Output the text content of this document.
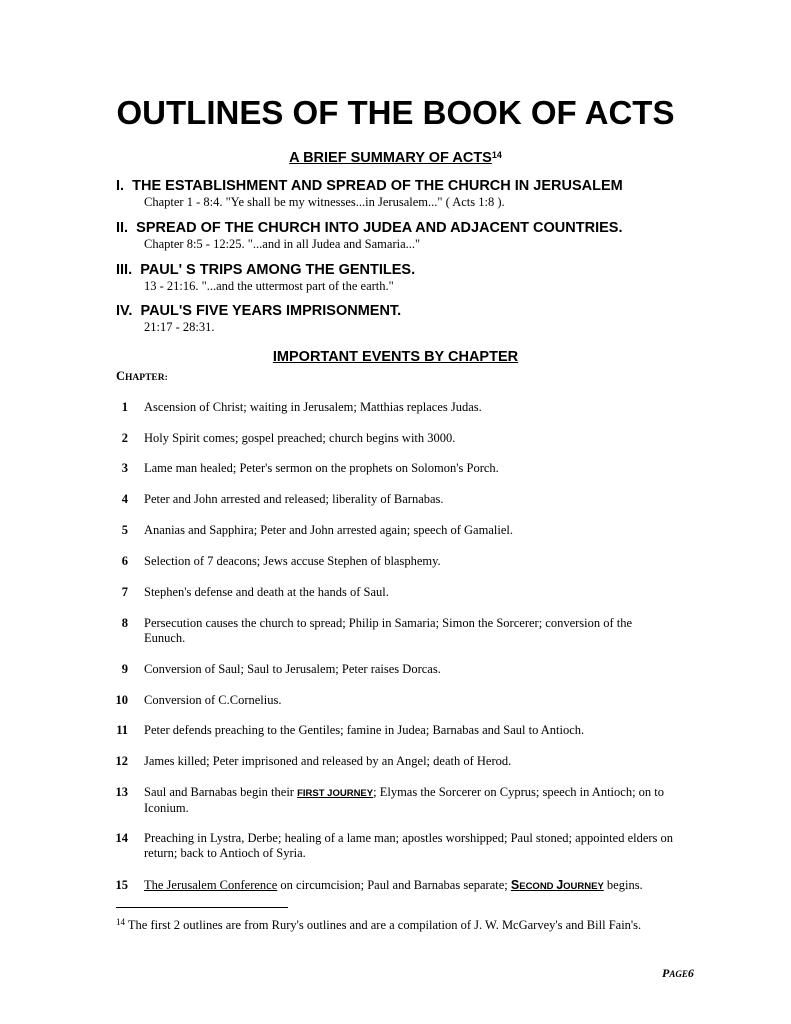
OUTLINES OF THE BOOK OF ACTS
A BRIEF SUMMARY OF ACTS$^{14}$
I. THE ESTABLISHMENT AND SPREAD OF THE CHURCH IN JERUSALEM
Chapter 1 - 8:4. "Ye shall be my witnesses...in Jerusalem..." ( Acts 1:8 ).
II. SPREAD OF THE CHURCH INTO JUDEA AND ADJACENT COUNTRIES.
Chapter 8:5 - 12:25. "...and in all Judea and Samaria..."
III. PAUL' S TRIPS AMONG THE GENTILES.
13 - 21:16. "...and the uttermost part of the earth."
IV. PAUL'S FIVE YEARS IMPRISONMENT.
21:17 - 28:31.
IMPORTANT EVENTS BY CHAPTER
CHAPTER:
1 Ascension of Christ; waiting in Jerusalem; Matthias replaces Judas.
2 Holy Spirit comes; gospel preached; church begins with 3000.
3 Lame man healed; Peter's sermon on the prophets on Solomon's Porch.
4 Peter and John arrested and released; liberality of Barnabas.
5 Ananias and Sapphira; Peter and John arrested again; speech of Gamaliel.
6 Selection of 7 deacons; Jews accuse Stephen of blasphemy.
7 Stephen's defense and death at the hands of Saul.
8 Persecution causes the church to spread; Philip in Samaria; Simon the Sorcerer; conversion of the Eunuch.
9 Conversion of Saul; Saul to Jerusalem; Peter raises Dorcas.
10 Conversion of C.Cornelius.
11 Peter defends preaching to the Gentiles; famine in Judea; Barnabas and Saul to Antioch.
12 James killed; Peter imprisoned and released by an Angel; death of Herod.
13 Saul and Barnabas begin their FIRST JOURNEY; Elymas the Sorcerer on Cyprus; speech in Antioch; on to Iconium.
14 Preaching in Lystra, Derbe; healing of a lame man; apostles worshipped; Paul stoned; appointed elders on return; back to Antioch of Syria.
15 The Jerusalem Conference on circumcision; Paul and Barnabas separate; SECOND JOURNEY begins.
$^{14}$ The first 2 outlines are from Rury's outlines and are a compilation of J. W. McGarvey's and Bill Fain's.
PAGE6
